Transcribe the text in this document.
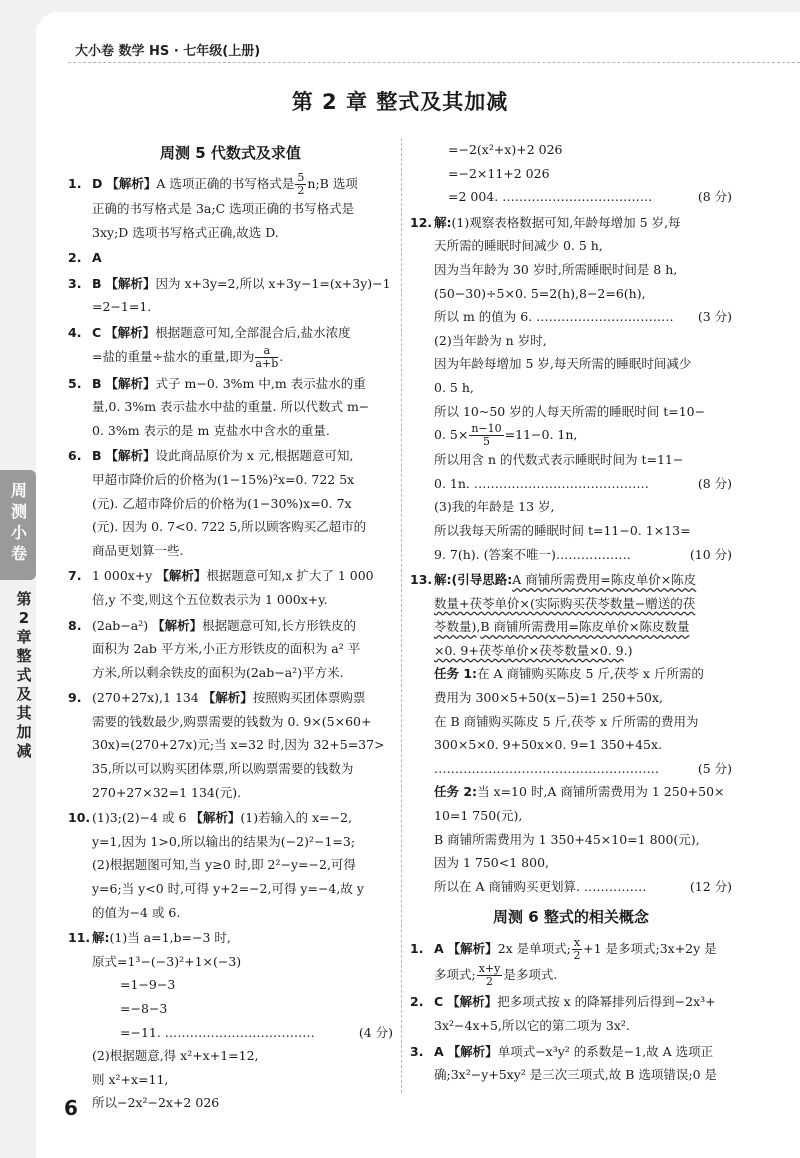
大小卷 数学 HS · 七年级(上册)
第 2 章 整式及其加减
周测小卷
第2章 整式及其加减
周测 5 代数式及求值
1. D 【解析】A 选项正确的书写格式是 $\frac{5}{2}$ n;B 选项
正确的书写格式是 3a;C 选项正确的书写格式是
3xy;D 选项书写格式正确,故选 D.
2. A
3. B 【解析】因为 x+3y=2,所以 x+3y−1=(x+3y)−1
=2−1=1.
4. C 【解析】根据题意可知,全部混合后,盐水浓度
=盐的重量÷盐水的重量,即为 $\frac{a}{a+b}$ .
5. B 【解析】式子 m−0. 3%m 中,m 表示盐水的重
量,0. 3%m 表示盐水中盐的重量. 所以代数式 m−
0. 3%m 表示的是 m 克盐水中含水的重量.
6. B 【解析】设此商品原价为 x 元,根据题意可知,
甲超市降价后的价格为(1−15%)²x=0. 722 5x
(元). 乙超市降价后的价格为(1−30%)x=0. 7x
(元). 因为 0. 7<0. 722 5,所以顾客购买乙超市的
商品更划算一些.
7. 1 000x+y 【解析】根据题意可知,x 扩大了 1 000
倍,y 不变,则这个五位数表示为 1 000x+y.
8. (2ab−a²) 【解析】根据题意可知,长方形铁皮的
面积为 2ab 平方米,小正方形铁皮的面积为 a² 平
方米,所以剩余铁皮的面积为(2ab−a²)平方米.
9. (270+27x),1 134 【解析】按照购买团体票购票
需要的钱数最少,购票需要的钱数为 0. 9×(5×60+
30x)=(270+27x)元;当 x=32 时,因为 32+5=37>
35,所以可以购买团体票,所以购票需要的钱数为
270+27×32=1 134(元).
10. (1)3;(2)−4 或 6 【解析】(1)若输入的 x=−2,
y=1,因为 1>0,所以输出的结果为(−2)²−1=3;
(2)根据题图可知,当 y≥0 时,即 2²−y=−2,可得
y=6;当 y<0 时,可得 y+2=−2,可得 y=−4,故 y
的值为−4 或 6.
11. 解:(1)当 a=1,b=−3 时,
原式=1³−(−3)²+1×(−3)
=1−9−3
=−8−3

=−11. ………………………………	(4 分)
(2)根据题意,得 x²+x+1=12,
则 x²+x=11,
所以−2x²−2x+2 026
=−2(x²+x)+2 026
=−2×11+2 026

=2 004. ………………………………	(8 分)
12. 解:(1)观察表格数据可知,年龄每增加 5 岁,每
天所需的睡眠时间减少 0. 5 h,
因为当年龄为 30 岁时,所需睡眠时间是 8 h,
(50−30)÷5×0. 5=2(h),8−2=6(h),

所以 m 的值为 6. …………………………… (3 分)
(2)当年龄为 n 岁时,
因为年龄每增加 5 岁,每天所需的睡眠时间减少
0. 5 h,
所以 10~50 岁的人每天所需的睡眠时间 t=10−
0. $5\times \frac{n-10}{5} =11-0$. 1n,
所以用含 n 的代数式表示睡眠时间为 t=11−

0. 1n. ……………………………………	(8 分)
(3)我的年龄是 13 岁,
所以我每天所需的睡眠时间 t=11−0. 1×13=

9. 7(h). (答案不唯一)………………	(10 分)
13. 解:(引导思路:A 商铺所需费用=陈皮单价×陈皮
数量+茯苓单价×(实际购买茯苓数量−赠送的茯
苓数量),B 商铺所需费用=陈皮单价×陈皮数量
×0. 9+茯苓单价×茯苓数量×0. 9.)
任务 1:在 A 商铺购买陈皮 5 斤,茯苓 x 斤所需的
费用为 300×5+50(x−5)=1 250+50x,
在 B 商铺购买陈皮 5 斤,茯苓 x 斤所需的费用为
300×5×0. 9+50x×0. 9=1 350+45x.

………………………………………………	(5 分)
任务 2:当 x=10 时,A 商铺所需费用为 1 250+50×
10=1 750(元),
B 商铺所需费用为 1 350+45×10=1 800(元),
因为 1 750<1 800,

所以在 A 商铺购买更划算. ……………	(12 分)
周测 6 整式的相关概念
1. A 【解析】2x 是单项式; $\frac{x}{2} +1$ 是多项式;3x+2y 是
多项式; $\frac{x+y}{2}$ 是多项式.
2. C 【解析】把多项式按 x 的降幂排列后得到−2x³+
3x²−4x+5,所以它的第二项为 3x².
3. A 【解析】单项式−x³y² 的系数是−1,故 A 选项正
确;3x²−y+5xy² 是三次三项式,故 B 选项错误;0 是
6
